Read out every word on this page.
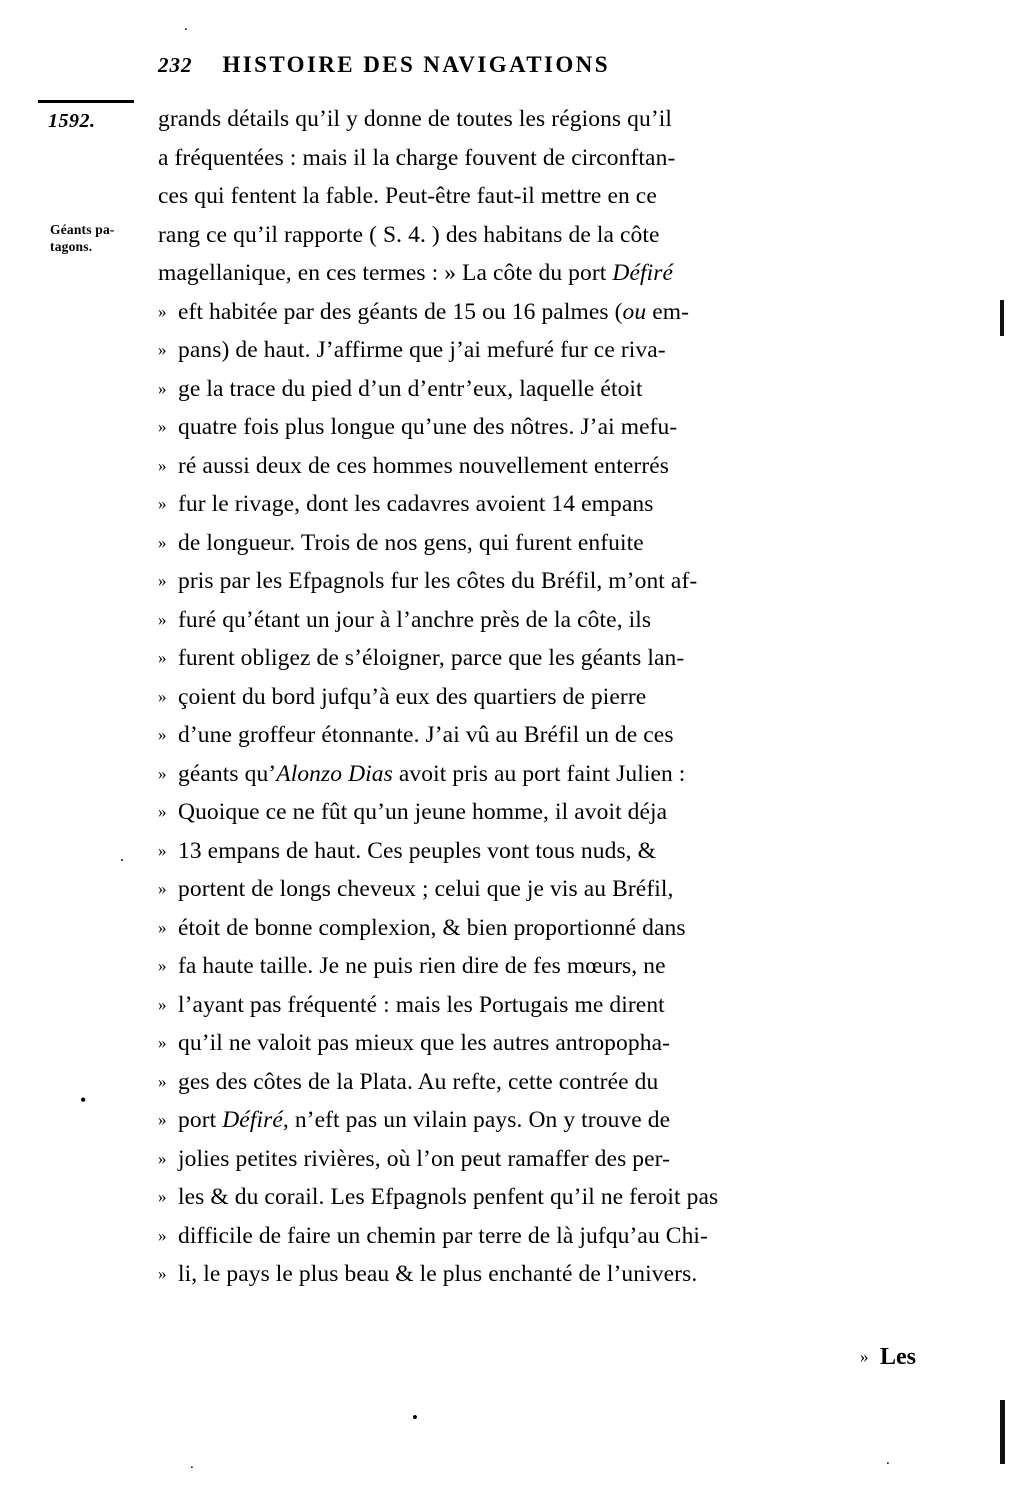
.
232 HISTOIRE DES NAVIGATIONS
1592.
Géants pa- tagons.
.
•
grands détails qu’il y donne de toutes les régions qu’il
a fréquentées : mais il la charge fouvent de circonftan-
ces qui fentent la fable. Peut-être faut-il mettre en ce
rang ce qu’il rapporte ( S. 4. ) des habitans de la côte
magellanique, en ces termes : » La côte du port Défiré
» eft habitée par des géants de 15 ou 16 palmes (ou em-
» pans) de haut. J’affirme que j’ai mefuré fur ce riva-
» ge la trace du pied d’un d’entr’eux, laquelle étoit
» quatre fois plus longue qu’une des nôtres. J’ai mefu-
» ré aussi deux de ces hommes nouvellement enterrés
» fur le rivage, dont les cadavres avoient 14 empans
» de longueur. Trois de nos gens, qui furent enfuite
» pris par les Efpagnols fur les côtes du Bréfil, m’ont af-
» furé qu’étant un jour à l’anchre près de la côte, ils
» furent obligez de s’éloigner, parce que les géants lan-
» çoient du bord jufqu’à eux des quartiers de pierre
» d’une groffeur étonnante. J’ai vû au Bréfil un de ces
» géants qu’Alonzo Dias avoit pris au port faint Julien :
» Quoique ce ne fût qu’un jeune homme, il avoit déja
» 13 empans de haut. Ces peuples vont tous nuds, &
» portent de longs cheveux ; celui que je vis au Bréfil,
» étoit de bonne complexion, & bien proportionné dans
» fa haute taille. Je ne puis rien dire de fes mœurs, ne
» l’ayant pas fréquenté : mais les Portugais me dirent
» qu’il ne valoit pas mieux que les autres antropopha-
» ges des côtes de la Plata. Au refte, cette contrée du
» port Défiré, n’eft pas un vilain pays. On y trouve de
» jolies petites rivières, où l’on peut ramaffer des per-
» les & du corail. Les Efpagnols penfent qu’il ne feroit pas
» difficile de faire un chemin par terre de là jufqu’au Chi-
» li, le pays le plus beau & le plus enchanté de l’univers.
» Les
•
.	.
